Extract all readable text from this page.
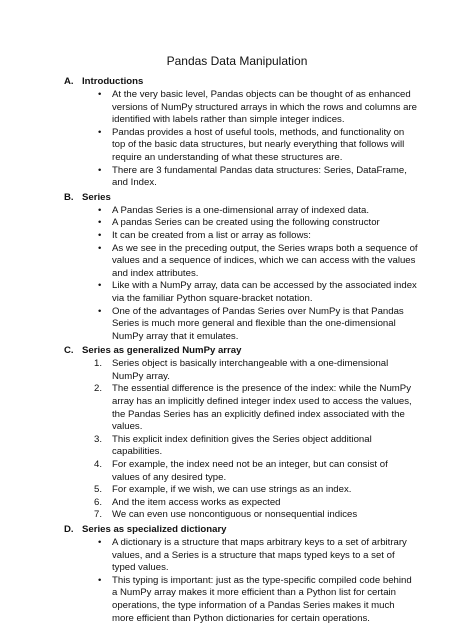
Pandas Data Manipulation
A. Introductions
• At the very basic level, Pandas objects can be thought of as enhanced versions of NumPy structured arrays in which the rows and columns are identified with labels rather than simple integer indices.
• Pandas provides a host of useful tools, methods, and functionality on top of the basic data structures, but nearly everything that follows will require an understanding of what these structures are.
• There are 3 fundamental Pandas data structures: Series, DataFrame, and Index.
B. Series
• A Pandas Series is a one-dimensional array of indexed data.
• A pandas Series can be created using the following constructor
• It can be created from a list or array as follows:
• As we see in the preceding output, the Series wraps both a sequence of values and a sequence of indices, which we can access with the values and index attributes.
• Like with a NumPy array, data can be accessed by the associated index via the familiar Python square-bracket notation.
• One of the advantages of Pandas Series over NumPy is that Pandas Series is much more general and flexible than the one-dimensional NumPy array that it emulates.
C. Series as generalized NumPy array
1. Series object is basically interchangeable with a one-dimensional NumPy array.
2. The essential difference is the presence of the index: while the NumPy array has an implicitly defined integer index used to access the values, the Pandas Series has an explicitly defined index associated with the values.
3. This explicit index definition gives the Series object additional capabilities.
4. For example, the index need not be an integer, but can consist of values of any desired type.
5. For example, if we wish, we can use strings as an index.
6. And the item access works as expected
7. We can even use noncontiguous or nonsequential indices
D. Series as specialized dictionary
• A dictionary is a structure that maps arbitrary keys to a set of arbitrary values, and a Series is a structure that maps typed keys to a set of typed values.
• This typing is important: just as the type-specific compiled code behind a NumPy array makes it more efficient than a Python list for certain operations, the type information of a Pandas Series makes it much more efficient than Python dictionaries for certain operations.
